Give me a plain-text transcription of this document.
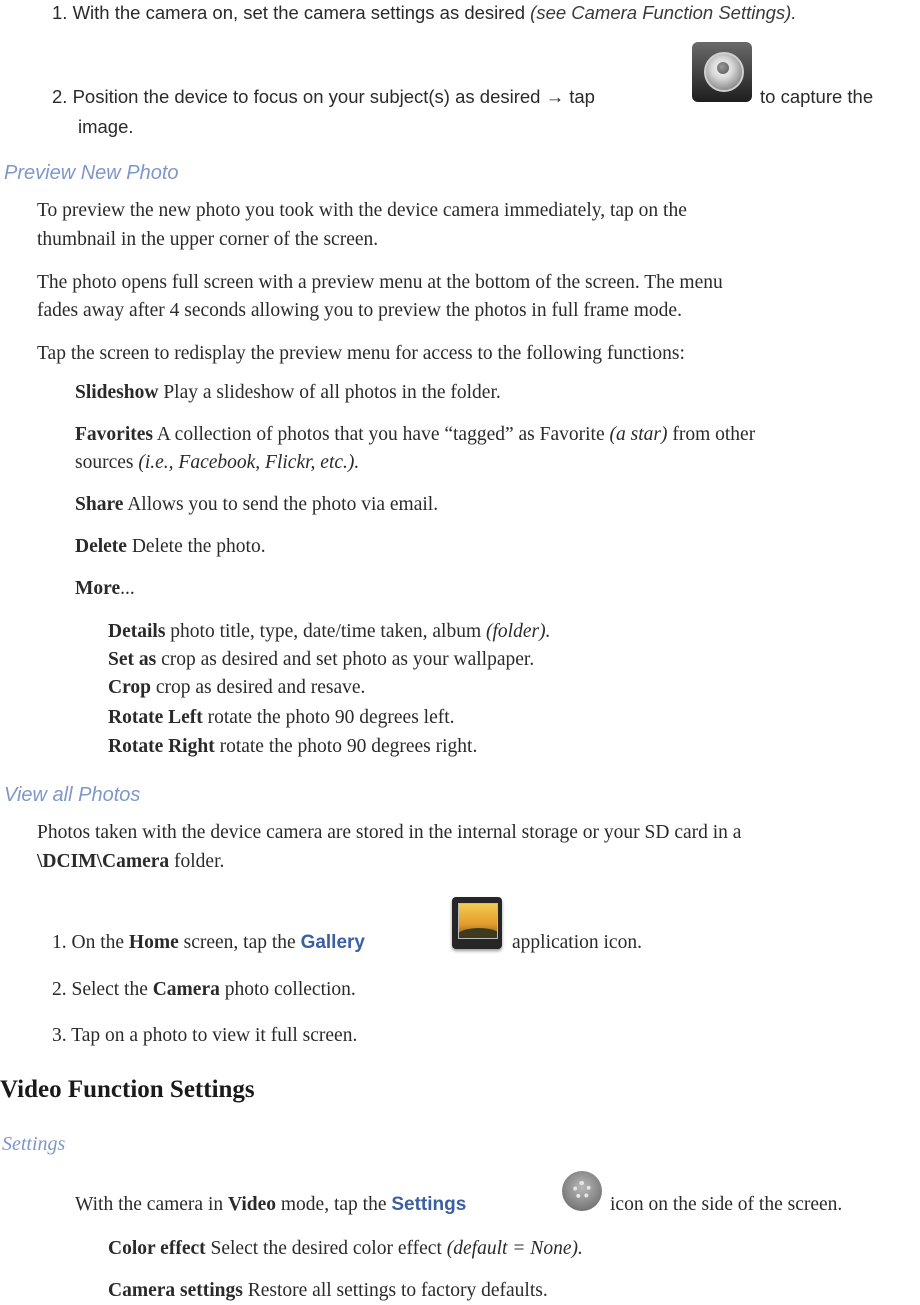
1. With the camera on, set the camera settings as desired (see Camera Function Settings).
2. Position the device to focus on your subject(s) as desired → tap	to capture the
image.
Preview New Photo
To preview the new photo you took with the device camera immediately, tap on the
thumbnail in the upper corner of the screen.
The photo opens full screen with a preview menu at the bottom of the screen. The menu
fades away after 4 seconds allowing you to preview the photos in full frame mode.
Tap the screen to redisplay the preview menu for access to the following functions:
Slideshow Play a slideshow of all photos in the folder.
Favorites A collection of photos that you have “tagged” as Favorite (a star) from other
sources (i.e., Facebook, Flickr, etc.).
Share Allows you to send the photo via email.
Delete Delete the photo.
More...
Details photo title, type, date/time taken, album (folder).
Set as crop as desired and set photo as your wallpaper.
Crop crop as desired and resave.
Rotate Left rotate the photo 90 degrees left.
Rotate Right rotate the photo 90 degrees right.
View all Photos
Photos taken with the device camera are stored in the internal storage or your SD card in a
\DCIM\Camera folder.
1. On the Home screen, tap the Gallery	application icon.
2. Select the Camera photo collection.
3. Tap on a photo to view it full screen.
Video Function Settings
Settings
With the camera in Video mode, tap the Settings	icon on the side of the screen.
Color effect Select the desired color effect (default = None).
Camera settings Restore all settings to factory defaults.
